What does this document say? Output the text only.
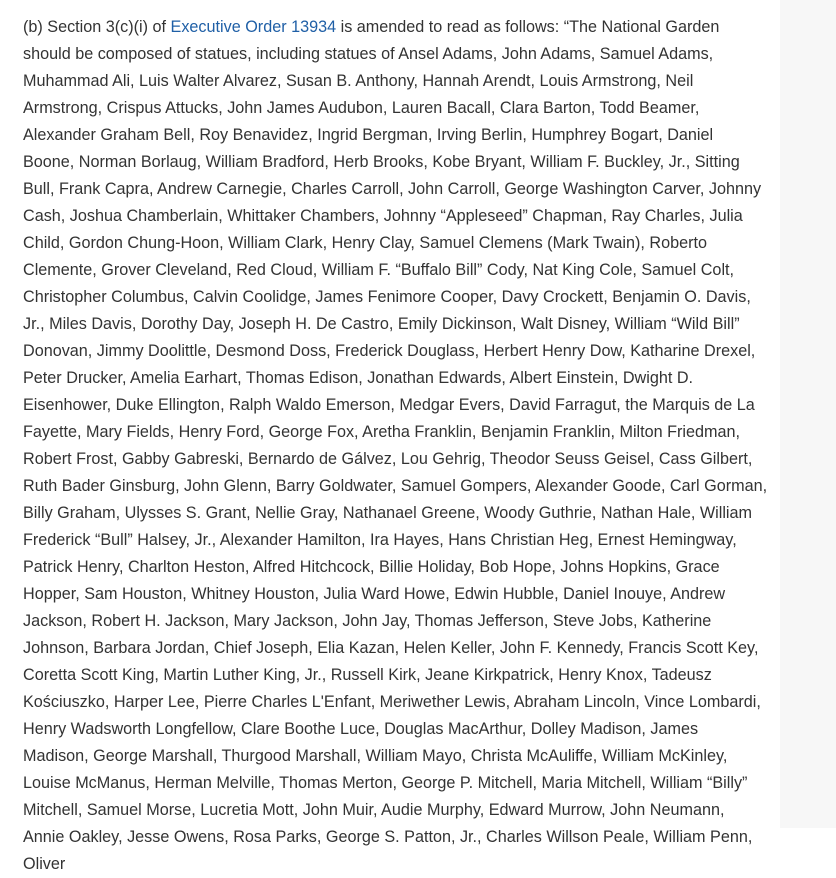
(b) Section 3(c)(i) of Executive Order 13934 is amended to read as follows: “The National Garden should be composed of statues, including statues of Ansel Adams, John Adams, Samuel Adams, Muhammad Ali, Luis Walter Alvarez, Susan B. Anthony, Hannah Arendt, Louis Armstrong, Neil Armstrong, Crispus Attucks, John James Audubon, Lauren Bacall, Clara Barton, Todd Beamer, Alexander Graham Bell, Roy Benavidez, Ingrid Bergman, Irving Berlin, Humphrey Bogart, Daniel Boone, Norman Borlaug, William Bradford, Herb Brooks, Kobe Bryant, William F. Buckley, Jr., Sitting Bull, Frank Capra, Andrew Carnegie, Charles Carroll, John Carroll, George Washington Carver, Johnny Cash, Joshua Chamberlain, Whittaker Chambers, Johnny “Appleseed” Chapman, Ray Charles, Julia Child, Gordon Chung-Hoon, William Clark, Henry Clay, Samuel Clemens (Mark Twain), Roberto Clemente, Grover Cleveland, Red Cloud, William F. “Buffalo Bill” Cody, Nat King Cole, Samuel Colt, Christopher Columbus, Calvin Coolidge, James Fenimore Cooper, Davy Crockett, Benjamin O. Davis, Jr., Miles Davis, Dorothy Day, Joseph H. De Castro, Emily Dickinson, Walt Disney, William “Wild Bill” Donovan, Jimmy Doolittle, Desmond Doss, Frederick Douglass, Herbert Henry Dow, Katharine Drexel, Peter Drucker, Amelia Earhart, Thomas Edison, Jonathan Edwards, Albert Einstein, Dwight D. Eisenhower, Duke Ellington, Ralph Waldo Emerson, Medgar Evers, David Farragut, the Marquis de La Fayette, Mary Fields, Henry Ford, George Fox, Aretha Franklin, Benjamin Franklin, Milton Friedman, Robert Frost, Gabby Gabreski, Bernardo de Gálvez, Lou Gehrig, Theodor Seuss Geisel, Cass Gilbert, Ruth Bader Ginsburg, John Glenn, Barry Goldwater, Samuel Gompers, Alexander Goode, Carl Gorman, Billy Graham, Ulysses S. Grant, Nellie Gray, Nathanael Greene, Woody Guthrie, Nathan Hale, William Frederick “Bull” Halsey, Jr., Alexander Hamilton, Ira Hayes, Hans Christian Heg, Ernest Hemingway, Patrick Henry, Charlton Heston, Alfred Hitchcock, Billie Holiday, Bob Hope, Johns Hopkins, Grace Hopper, Sam Houston, Whitney Houston, Julia Ward Howe, Edwin Hubble, Daniel Inouye, Andrew Jackson, Robert H. Jackson, Mary Jackson, John Jay, Thomas Jefferson, Steve Jobs, Katherine Johnson, Barbara Jordan, Chief Joseph, Elia Kazan, Helen Keller, John F. Kennedy, Francis Scott Key, Coretta Scott King, Martin Luther King, Jr., Russell Kirk, Jeane Kirkpatrick, Henry Knox, Tadeusz Kościuszko, Harper Lee, Pierre Charles L'Enfant, Meriwether Lewis, Abraham Lincoln, Vince Lombardi, Henry Wadsworth Longfellow, Clare Boothe Luce, Douglas MacArthur, Dolley Madison, James Madison, George Marshall, Thurgood Marshall, William Mayo, Christa McAuliffe, William McKinley, Louise McManus, Herman Melville, Thomas Merton, George P. Mitchell, Maria Mitchell, William “Billy” Mitchell, Samuel Morse, Lucretia Mott, John Muir, Audie Murphy, Edward Murrow, John Neumann, Annie Oakley, Jesse Owens, Rosa Parks, George S. Patton, Jr., Charles Willson Peale, William Penn, Oliver
